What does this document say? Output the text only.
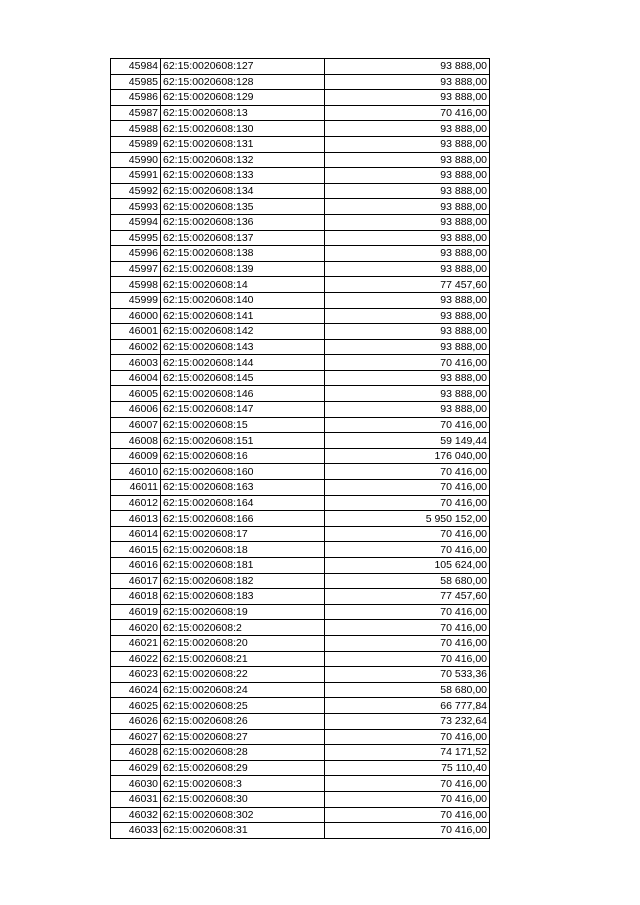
45984	62:15:0020608:127	93 888,00
45985	62:15:0020608:128	93 888,00
45986	62:15:0020608:129	93 888,00
45987	62:15:0020608:13	70 416,00
45988	62:15:0020608:130	93 888,00
45989	62:15:0020608:131	93 888,00
45990	62:15:0020608:132	93 888,00
45991	62:15:0020608:133	93 888,00
45992	62:15:0020608:134	93 888,00
45993	62:15:0020608:135	93 888,00
45994	62:15:0020608:136	93 888,00
45995	62:15:0020608:137	93 888,00
45996	62:15:0020608:138	93 888,00
45997	62:15:0020608:139	93 888,00
45998	62:15:0020608:14	77 457,60
45999	62:15:0020608:140	93 888,00
46000	62:15:0020608:141	93 888,00
46001	62:15:0020608:142	93 888,00
46002	62:15:0020608:143	93 888,00
46003	62:15:0020608:144	70 416,00
46004	62:15:0020608:145	93 888,00
46005	62:15:0020608:146	93 888,00
46006	62:15:0020608:147	93 888,00
46007	62:15:0020608:15	70 416,00
46008	62:15:0020608:151	59 149,44
46009	62:15:0020608:16	176 040,00
46010	62:15:0020608:160	70 416,00
46011	62:15:0020608:163	70 416,00
46012	62:15:0020608:164	70 416,00
46013	62:15:0020608:166	5 950 152,00
46014	62:15:0020608:17	70 416,00
46015	62:15:0020608:18	70 416,00
46016	62:15:0020608:181	105 624,00
46017	62:15:0020608:182	58 680,00
46018	62:15:0020608:183	77 457,60
46019	62:15:0020608:19	70 416,00
46020	62:15:0020608:2	70 416,00
46021	62:15:0020608:20	70 416,00
46022	62:15:0020608:21	70 416,00
46023	62:15:0020608:22	70 533,36
46024	62:15:0020608:24	58 680,00
46025	62:15:0020608:25	66 777,84
46026	62:15:0020608:26	73 232,64
46027	62:15:0020608:27	70 416,00
46028	62:15:0020608:28	74 171,52
46029	62:15:0020608:29	75 110,40
46030	62:15:0020608:3	70 416,00
46031	62:15:0020608:30	70 416,00
46032	62:15:0020608:302	70 416,00
46033	62:15:0020608:31	70 416,00
